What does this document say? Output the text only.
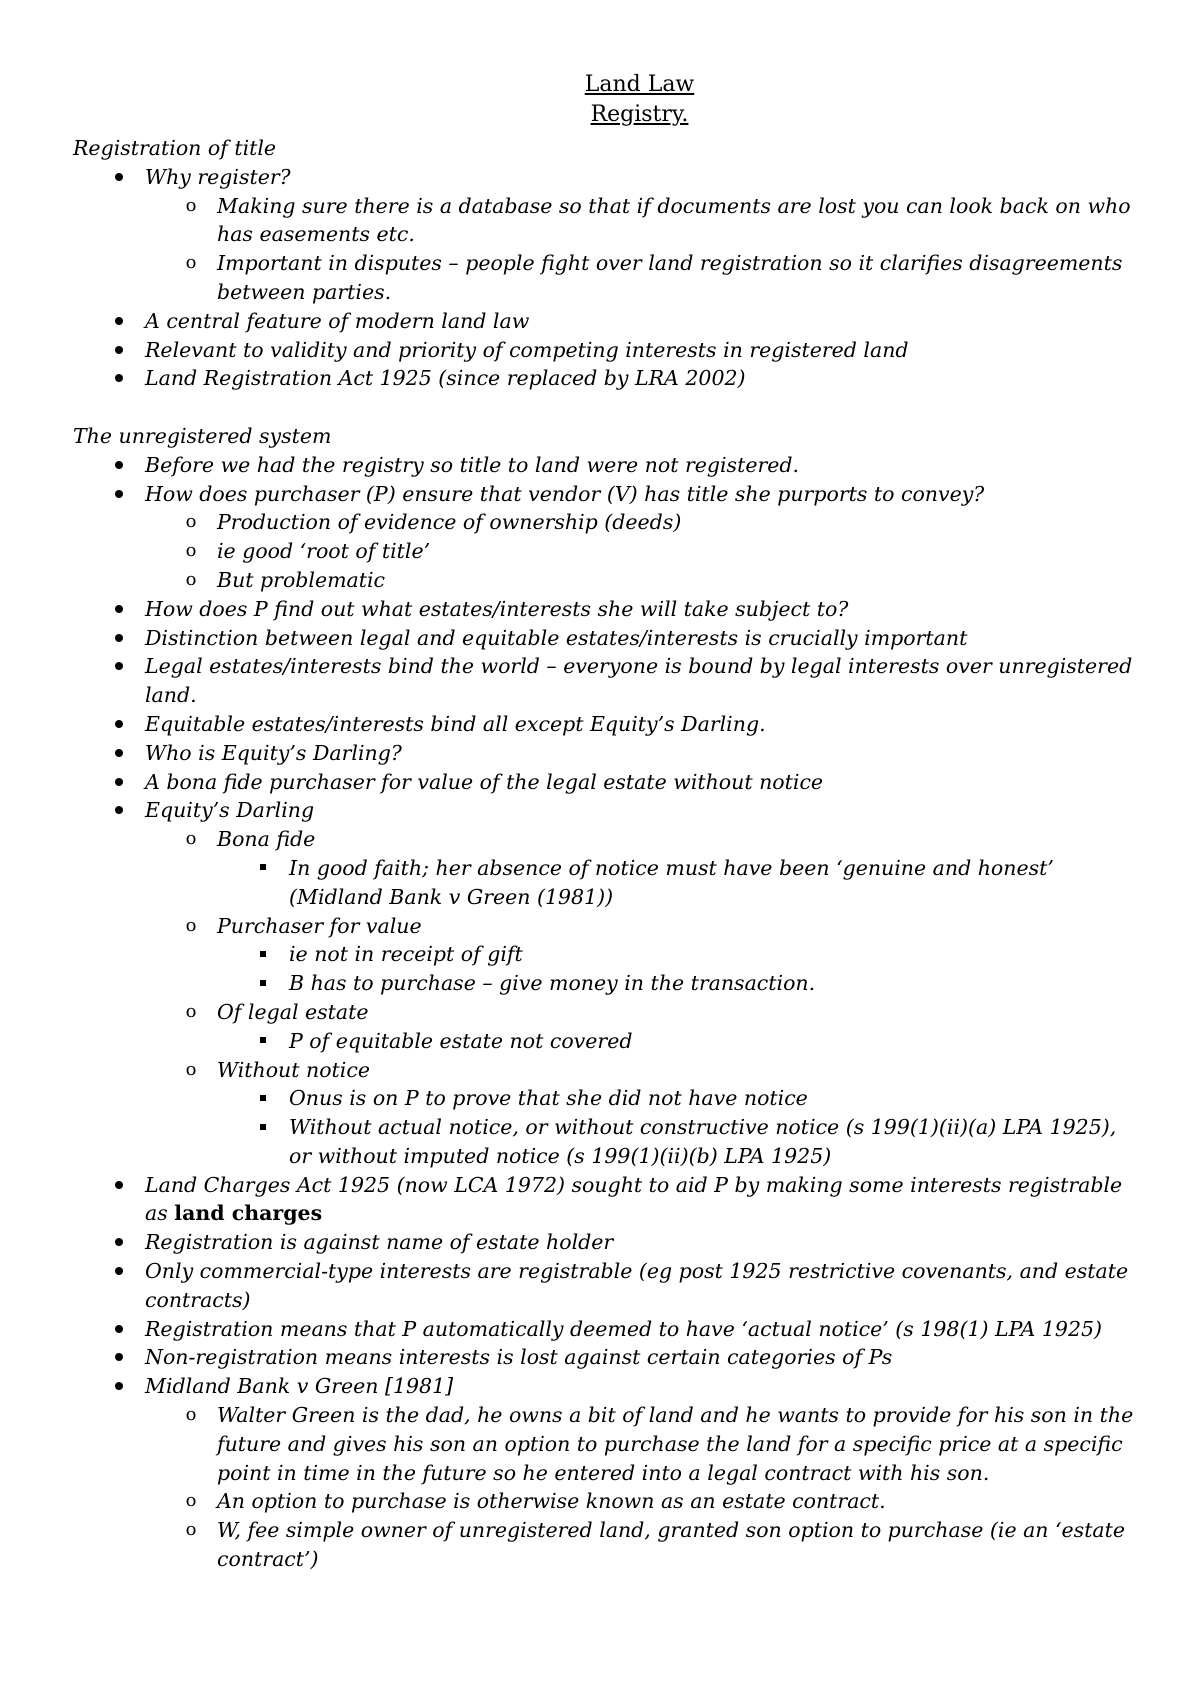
Land Law
Registry.

Registration of title

Why register?
o Making sure there is a database so that if documents are lost you can look back on who has easements etc.
o Important in disputes – people fight over land registration so it clarifies disagreements between parties.
A central feature of modern land law
Relevant to validity and priority of competing interests in registered land
Land Registration Act 1925 (since replaced by LRA 2002)

The unregistered system

Before we had the registry so title to land were not registered.
How does purchaser (P) ensure that vendor (V) has title she purports to convey?
o Production of evidence of ownership (deeds)
o ie good ‘root of title’
o But problematic
How does P find out what estates/interests she will take subject to?
Distinction between legal and equitable estates/interests is crucially important
Legal estates/interests bind the world – everyone is bound by legal interests over unregistered land.
Equitable estates/interests bind all except Equity’s Darling.
Who is Equity’s Darling?
A bona fide purchaser for value of the legal estate without notice
Equity’s Darling
o Bona fide
In good faith; her absence of notice must have been ‘genuine and honest’ (Midland Bank v Green (1981))
o Purchaser for value
ie not in receipt of gift
B has to purchase – give money in the transaction.
o Of legal estate
P of equitable estate not covered
o Without notice
Onus is on P to prove that she did not have notice
Without actual notice, or without constructive notice (s 199(1)(ii)(a) LPA 1925), or without imputed notice (s 199(1)(ii)(b) LPA 1925)
Land Charges Act 1925 (now LCA 1972) sought to aid P by making some interests registrable as land charges
Registration is against name of estate holder
Only commercial-type interests are registrable (eg post 1925 restrictive covenants, and estate contracts)
Registration means that P automatically deemed to have ‘actual notice’ (s 198(1) LPA 1925)
Non-registration means interests is lost against certain categories of Ps
Midland Bank v Green [1981]
o Walter Green is the dad, he owns a bit of land and he wants to provide for his son in the future and gives his son an option to purchase the land for a specific price at a specific point in time in the future so he entered into a legal contract with his son.
o An option to purchase is otherwise known as an estate contract.
o W, fee simple owner of unregistered land, granted son option to purchase (ie an ‘estate contract’)
